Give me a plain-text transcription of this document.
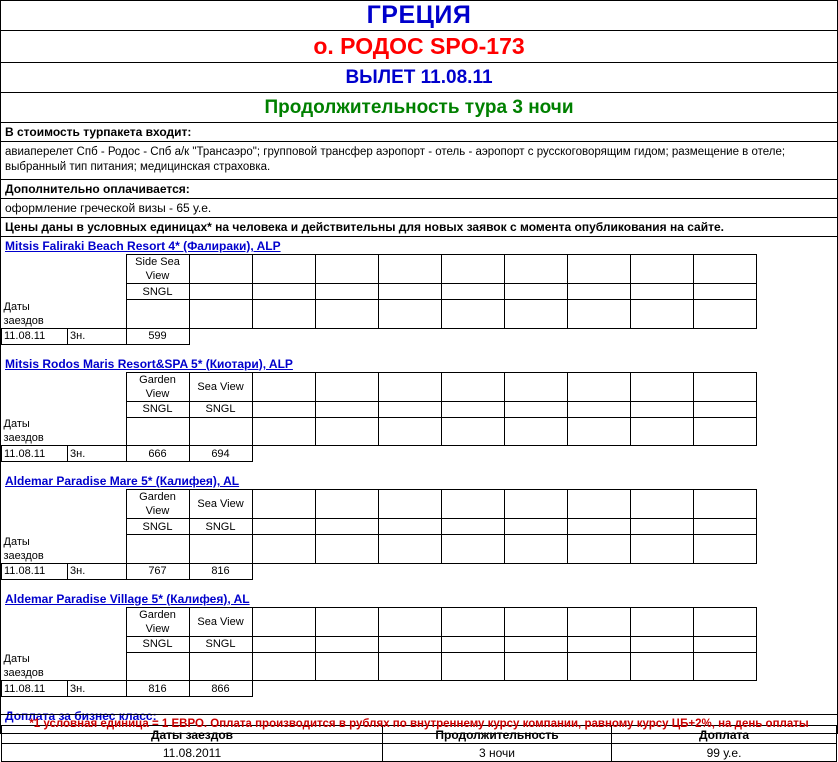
ГРЕЦИЯ
о. РОДОС SPO-173
ВЫЛЕТ 11.08.11
Продолжительность тура 3 ночи
В стоимость турпакета входит:
авиаперелет Спб - Родос - Спб а/к "Трансаэро"; групповой трансфер аэропорт - отель - аэропорт с русскоговорящим гидом; размещение в отеле; выбранный тип питания; медицинская страховка.
Дополнительно оплачивается:
оформление греческой визы - 65 у.е.
Цены даны в условных единицах* на человека и действительны для новых заявок с момента опубликования на сайте.
Mitsis Faliraki Beach Resort 4* (Фалираки), ALP
		Side Sea View									
		SNGL									
Даты заездов											
11.08.11	3н.	599									

Mitsis Rodos Maris Resort&SPA 5* (Киотари), ALP
		Garden View	Sea View								
		SNGL	SNGL								
Даты заездов											
11.08.11	3н.	666	694								

Aldemar Paradise Mare 5* (Калифея), AL
		Garden View	Sea View								
		SNGL	SNGL								
Даты заездов											
11.08.11	3н.	767	816								

Aldemar Paradise Village 5* (Калифея), AL
		Garden View	Sea View								
		SNGL	SNGL								
Даты заездов											
11.08.11	3н.	816	866								

Доплата за бизнес класс:
Даты заездов	Продолжительность	Доплата
11.08.2011	3 ночи	99 у.е.
*1 условная единица = 1 ЕВРО. Оплата производится в рублях по внутреннему курсу компании, равному курсу ЦБ+2%, на день оплаты
